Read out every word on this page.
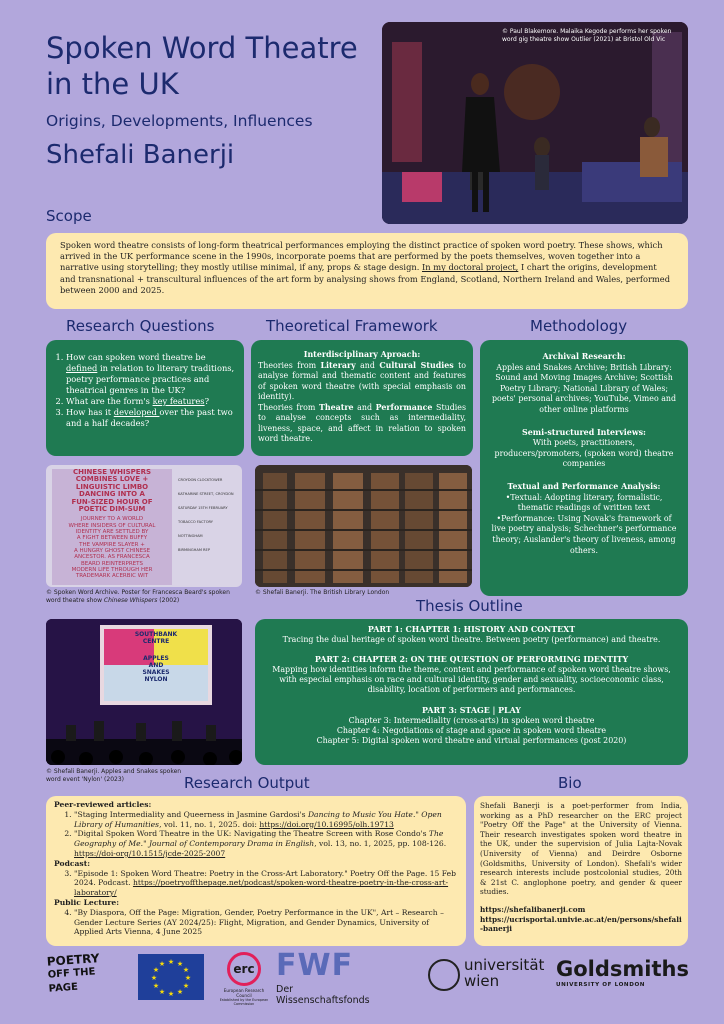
Spoken Word Theatre in the UK
Origins, Developments, Influences
Shefali Banerji
© Paul Blakemore. Malaika Kegode performs her spoken word gig theatre show Outlier (2021) at Bristol Old Vic
Scope
Spoken word theatre consists of long-form theatrical performances employing the distinct practice of spoken word poetry. These shows, which arrived in the UK performance scene in the 1990s, incorporate poems that are performed by the poets themselves, woven together into a narrative using storytelling; they mostly utilise minimal, if any, props & stage design. In my doctoral project, I chart the origins, development and transnational + transcultural influences of the art form by analysing shows from England, Scotland, Northern Ireland and Wales, performed between 2000 and 2025.
Research Questions	Theoretical Framework	Methodology
1. How can spoken word theatre be defined in relation to literary traditions, poetry performance practices and theatrical genres in the UK?
2. What are the form's key features?
3. How has it developed over the past two and a half decades?
Interdisciplinary Aproach:
Theories from Literary and Cultural Studies to analyse formal and thematic content and features of spoken word theatre (with special emphasis on identity).
Theories from Theatre and Performance Studies to analyse concepts such as intermediality, liveness, space, and affect in relation to spoken word theatre.
Archival Research:
Apples and Snakes Archive; British Library: Sound and Moving Images Archive; Scottish Poetry Library; National Library of Wales; poets' personal archives; YouTube, Vimeo and other online platforms
Semi-structured Interviews:
With poets, practitioners, producers/promoters, (spoken word) theatre companies
Textual and Performance Analysis:
•Textual: Adopting literary, formalistic, thematic readings of written text
•Performance: Using Novak's framework of live poetry analysis; Schechner's performance theory; Auslander's theory of liveness, among others.
CHINESE WHISPERS
COMBINES LOVE +
LINGUISTIC LIMBO
DANCING INTO A
FUN-SIZED HOUR OF
POETIC DIM-SUM
JOURNEY TO A WORLD
WHERE INSIDERS OF CULTURAL
IDENTITY ARE SETTLED BY
A FIGHT BETWEEN BUFFY
THE VAMPIRE SLAYER +
A HUNGRY GHOST CHINESE
ANCESTOR. AS FRANCESCA
BEARD REINTERPRETS
MODERN LIFE THROUGH HER
TRADEMARK ACERBIC WIT
CROYDON CLOCKTOWER
KATHARINE STREET, CROYDON
SATURDAY 15TH FEBRUARY
TOBACCO FACTORY
NOTTINGHAM
BIRMINGHAM REP
© Spoken Word Archive. Poster for Francesca Beard's spoken word theatre show Chinese Whispers (2002)
© Shefali Banerji. The British Library London
Thesis Outline
SOUTHBANK
CENTRE
APPLES
AND
SNAKES
NYLON
© Shefali Banerji. Apples and Snakes spoken word event 'Nylon' (2023)
PART 1: CHAPTER 1: HISTORY AND CONTEXT
Tracing the dual heritage of spoken word theatre. Between poetry (performance) and theatre.
PART 2: CHAPTER 2: ON THE QUESTION OF PERFORMING IDENTITY
Mapping how identities inform the theme, content and performance of spoken word theatre shows, with especial emphasis on race and cultural identity, gender and sexuality, socioeconomic class, disability, location of performers and performances.
PART 3: STAGE | PLAY
Chapter 3: Intermediality (cross-arts) in spoken word theatre
Chapter 4: Negotiations of stage and space in spoken word theatre
Chapter 5: Digital spoken word theatre and virtual performances (post 2020)
Research Output
Peer-reviewed articles:
1. "Staging Intermediality and Queerness in Jasmine Gardosi's Dancing to Music You Hate." Open Library of Humanities, vol. 11, no. 1, 2025. doi: https://doi.org/10.16995/olh.19713
2. "Digital Spoken Word Theatre in the UK: Navigating the Theatre Screen with Rose Condo's The Geography of Me." Journal of Contemporary Drama in English, vol. 13, no. 1, 2025, pp. 108-126. https://doi-org/10.1515/jcde-2025-2007
Podcast:
3. "Episode 1: Spoken Word Theatre: Poetry in the Cross-Art Laboratory." Poetry Off the Page. 15 Feb 2024. Podcast. https://poetryoffthepage.net/podcast/spoken-word-theatre-poetry-in-the-cross-art-laboratory/
Public Lecture:
4. "By Diaspora, Off the Page: Migration, Gender, Poetry Performance in the UK", Art – Research – Gender Lecture Series (AY 2024/25): Flight, Migration, and Gender Dynamics, University of Applied Arts Vienna, 4 June 2025
Bio
Shefali Banerji is a poet-performer from India, working as a PhD researcher on the ERC project "Poetry Off the Page" at the University of Vienna. Their research investigates spoken word theatre in the UK, under the supervision of Julia Lajta-Novak (University of Vienna) and Deirdre Osborne (Goldsmiths, University of London). Shefali's wider research interests include postcolonial studies, 20th & 21st C. anglophone poetry, and gender & queer studies.
https://shefalibanerji.com
https://ucrisportal.univie.ac.at/en/persons/shefali-banerji
POETRY
OFF THE
PAGE
★ ★
★
★
★
★
★
★
★
★
★
★	erc
European Research Council
Established by the European Commission
FWF
Der Wissenschaftsfonds
universität
wien	Goldsmiths
UNIVERSITY OF LONDON
